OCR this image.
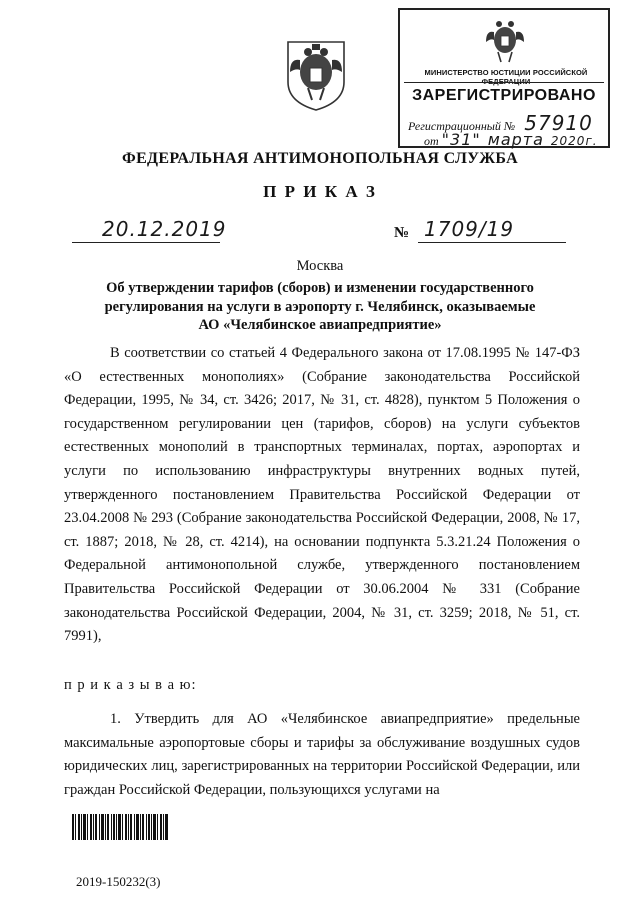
МИНИСТЕРСТВО ЮСТИЦИИ РОССИЙСКОЙ ФЕДЕРАЦИИ
ЗАРЕГИСТРИРОВАНО
Регистрационный № 57910
от "31" марта 2020г.
ФЕДЕРАЛЬНАЯ АНТИМОНОПОЛЬНАЯ СЛУЖБА
П Р И К А З
20.12.2019	№ 1709/19
Москва
Об утверждении тарифов (сборов) и изменении государственного
регулирования на услуги в аэропорту г. Челябинск, оказываемые
АО «Челябинское авиапредприятие»
В соответствии со статьей 4 Федерального закона от 17.08.1995 № 147-ФЗ «О естественных монополиях» (Собрание законодательства Российской Федерации, 1995, № 34, ст. 3426; 2017, № 31, ст. 4828), пунктом 5 Положения о государственном регулировании цен (тарифов, сборов) на услуги субъектов естественных монополий в транспортных терминалах, портах, аэропортах и услуги по использованию инфраструктуры внутренних водных путей, утвержденного постановлением Правительства Российской Федерации от 23.04.2008 № 293 (Собрание законодательства Российской Федерации, 2008, № 17, ст. 1887; 2018, № 28, ст. 4214), на основании подпункта 5.3.21.24 Положения о Федеральной антимонопольной службе, утвержденного постановлением Правительства Российской Федерации от 30.06.2004 № 331 (Собрание законодательства Российской Федерации, 2004, № 31, ст. 3259; 2018, № 51, ст. 7991),
п р и к а з ы в а ю:
1. Утвердить для АО «Челябинское авиапредприятие» предельные максимальные аэропортовые сборы и тарифы за обслуживание воздушных судов юридических лиц, зарегистрированных на территории Российской Федерации, или граждан Российской Федерации, пользующихся услугами на
2019-150232(3)
